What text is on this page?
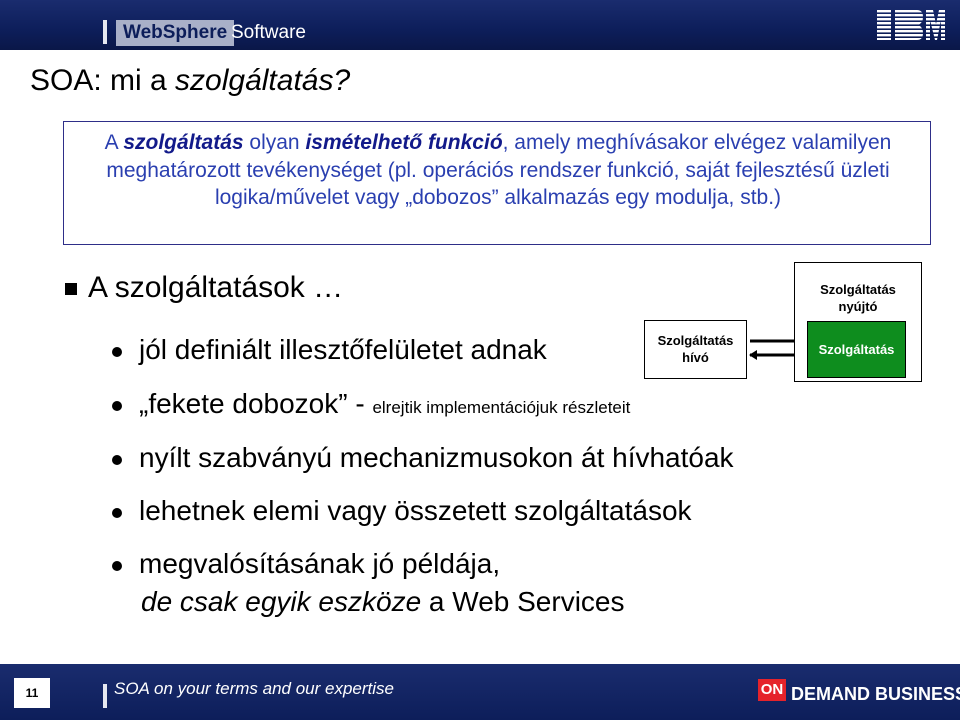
WebSphere Software
SOA: mi a szolgáltatás?

A szolgáltatás olyan ismételhető funkció, amely meghívásakor elvégez valamilyen meghatározott tevékenységet (pl. operációs rendszer funkció, saját fejlesztésű üzleti logika/művelet vagy „dobozos” alkalmazás egy modulja, stb.)

A szolgáltatások …
jól definiált illesztőfelületet adnak
„fekete dobozok” - elrejtik implementációjuk részleteit
nyílt szabványú mechanizmusokon át hívhatóak
lehetnek elemi vagy összetett szolgáltatások
megvalósításának jó példája,
de csak egyik eszköze a Web Services
Szolgáltatás
hívó
Szolgáltatás
nyújtó
Szolgáltatás
11	SOA on your terms and our expertise	ON DEMAND BUSINESS®
